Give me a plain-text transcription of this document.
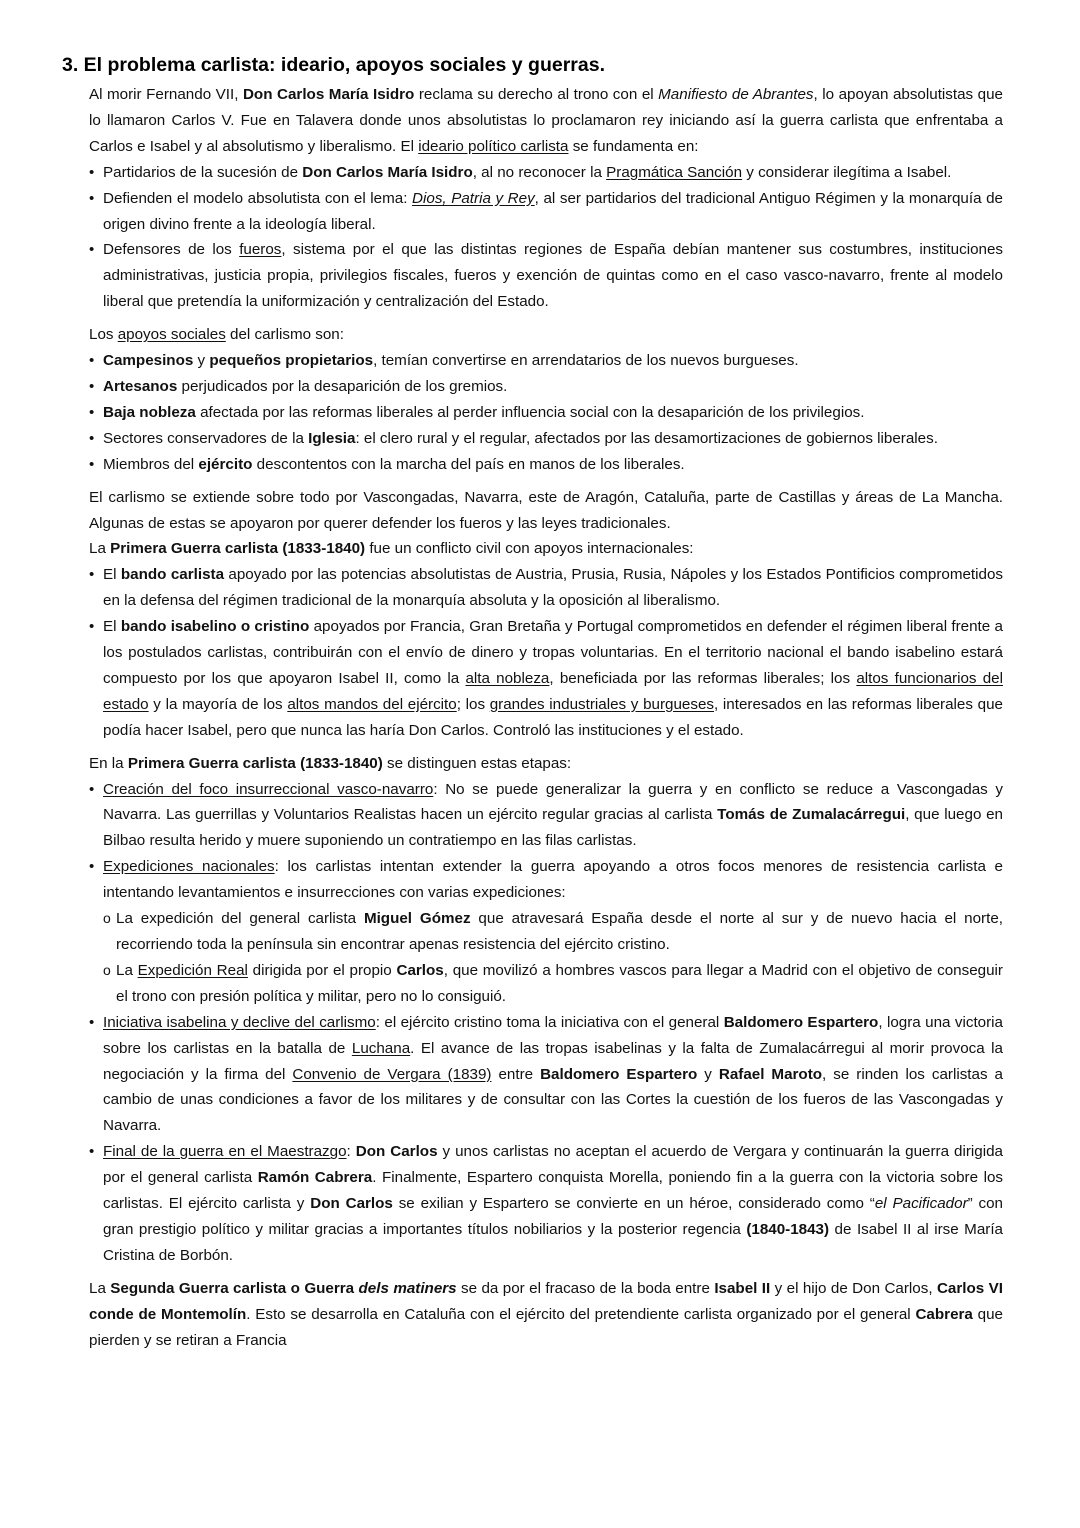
3. El problema carlista: ideario, apoyos sociales y guerras.

Al morir Fernando VII, Don Carlos María Isidro reclama su derecho al trono con el Manifiesto de Abrantes, lo apoyan absolutistas que lo llamaron Carlos V. Fue en Talavera donde unos absolutistas lo proclamaron rey iniciando así la guerra carlista que enfrentaba a Carlos e Isabel y al absolutismo y liberalismo. El ideario político carlista se fundamenta en:

• Partidarios de la sucesión de Don Carlos María Isidro, al no reconocer la Pragmática Sanción y considerar ilegítima a Isabel.
• Defienden el modelo absolutista con el lema: Dios, Patria y Rey, al ser partidarios del tradicional Antiguo Régimen y la monarquía de origen divino frente a la ideología liberal.
• Defensores de los fueros, sistema por el que las distintas regiones de España debían mantener sus costumbres, instituciones administrativas, justicia propia, privilegios fiscales, fueros y exención de quintas como en el caso vasco-navarro, frente al modelo liberal que pretendía la uniformización y centralización del Estado.

Los apoyos sociales del carlismo son:

• Campesinos y pequeños propietarios, temían convertirse en arrendatarios de los nuevos burgueses.
• Artesanos perjudicados por la desaparición de los gremios.
• Baja nobleza afectada por las reformas liberales al perder influencia social con la desaparición de los privilegios.
• Sectores conservadores de la Iglesia: el clero rural y el regular, afectados por las desamortizaciones de gobiernos liberales.
• Miembros del ejército descontentos con la marcha del país en manos de los liberales.

El carlismo se extiende sobre todo por Vascongadas, Navarra, este de Aragón, Cataluña, parte de Castillas y áreas de La Mancha. Algunas de estas se apoyaron por querer defender los fueros y las leyes tradicionales.

La Primera Guerra carlista (1833-1840) fue un conflicto civil con apoyos internacionales:

• El bando carlista apoyado por las potencias absolutistas de Austria, Prusia, Rusia, Nápoles y los Estados Pontificios comprometidos en la defensa del régimen tradicional de la monarquía absoluta y la oposición al liberalismo.
• El bando isabelino o cristino apoyados por Francia, Gran Bretaña y Portugal comprometidos en defender el régimen liberal frente a los postulados carlistas, contribuirán con el envío de dinero y tropas voluntarias. En el territorio nacional el bando isabelino estará compuesto por los que apoyaron Isabel II, como la alta nobleza, beneficiada por las reformas liberales; los altos funcionarios del estado y la mayoría de los altos mandos del ejército; los grandes industriales y burgueses, interesados en las reformas liberales que podía hacer Isabel, pero que nunca las haría Don Carlos. Controló las instituciones y el estado.

En la Primera Guerra carlista (1833-1840) se distinguen estas etapas:

• Creación del foco insurreccional vasco-navarro: No se puede generalizar la guerra y en conflicto se reduce a Vascongadas y Navarra. Las guerrillas y Voluntarios Realistas hacen un ejército regular gracias al carlista Tomás de Zumalacárregui, que luego en Bilbao resulta herido y muere suponiendo un contratiempo en las filas carlistas.
• Expediciones nacionales: los carlistas intentan extender la guerra apoyando a otros focos menores de resistencia carlista e intentando levantamientos e insurrecciones con varias expediciones:
o La expedición del general carlista Miguel Gómez que atravesará España desde el norte al sur y de nuevo hacia el norte, recorriendo toda la península sin encontrar apenas resistencia del ejército cristino.
o La Expedición Real dirigida por el propio Carlos, que movilizó a hombres vascos para llegar a Madrid con el objetivo de conseguir el trono con presión política y militar, pero no lo consiguió.
• Iniciativa isabelina y declive del carlismo: el ejército cristino toma la iniciativa con el general Baldomero Espartero, logra una victoria sobre los carlistas en la batalla de Luchana. El avance de las tropas isabelinas y la falta de Zumalacárregui al morir provoca la negociación y la firma del Convenio de Vergara (1839) entre Baldomero Espartero y Rafael Maroto, se rinden los carlistas a cambio de unas condiciones a favor de los militares y de consultar con las Cortes la cuestión de los fueros de las Vascongadas y Navarra.
• Final de la guerra en el Maestrazgo: Don Carlos y unos carlistas no aceptan el acuerdo de Vergara y continuarán la guerra dirigida por el general carlista Ramón Cabrera. Finalmente, Espartero conquista Morella, poniendo fin a la guerra con la victoria sobre los carlistas. El ejército carlista y Don Carlos se exilian y Espartero se convierte en un héroe, considerado como “el Pacificador” con gran prestigio político y militar gracias a importantes títulos nobiliarios y la posterior regencia (1840-1843) de Isabel II al irse María Cristina de Borbón.

La Segunda Guerra carlista o Guerra dels matiners se da por el fracaso de la boda entre Isabel II y el hijo de Don Carlos, Carlos VI conde de Montemolín. Esto se desarrolla en Cataluña con el ejército del pretendiente carlista organizado por el general Cabrera que pierden y se retiran a Francia
